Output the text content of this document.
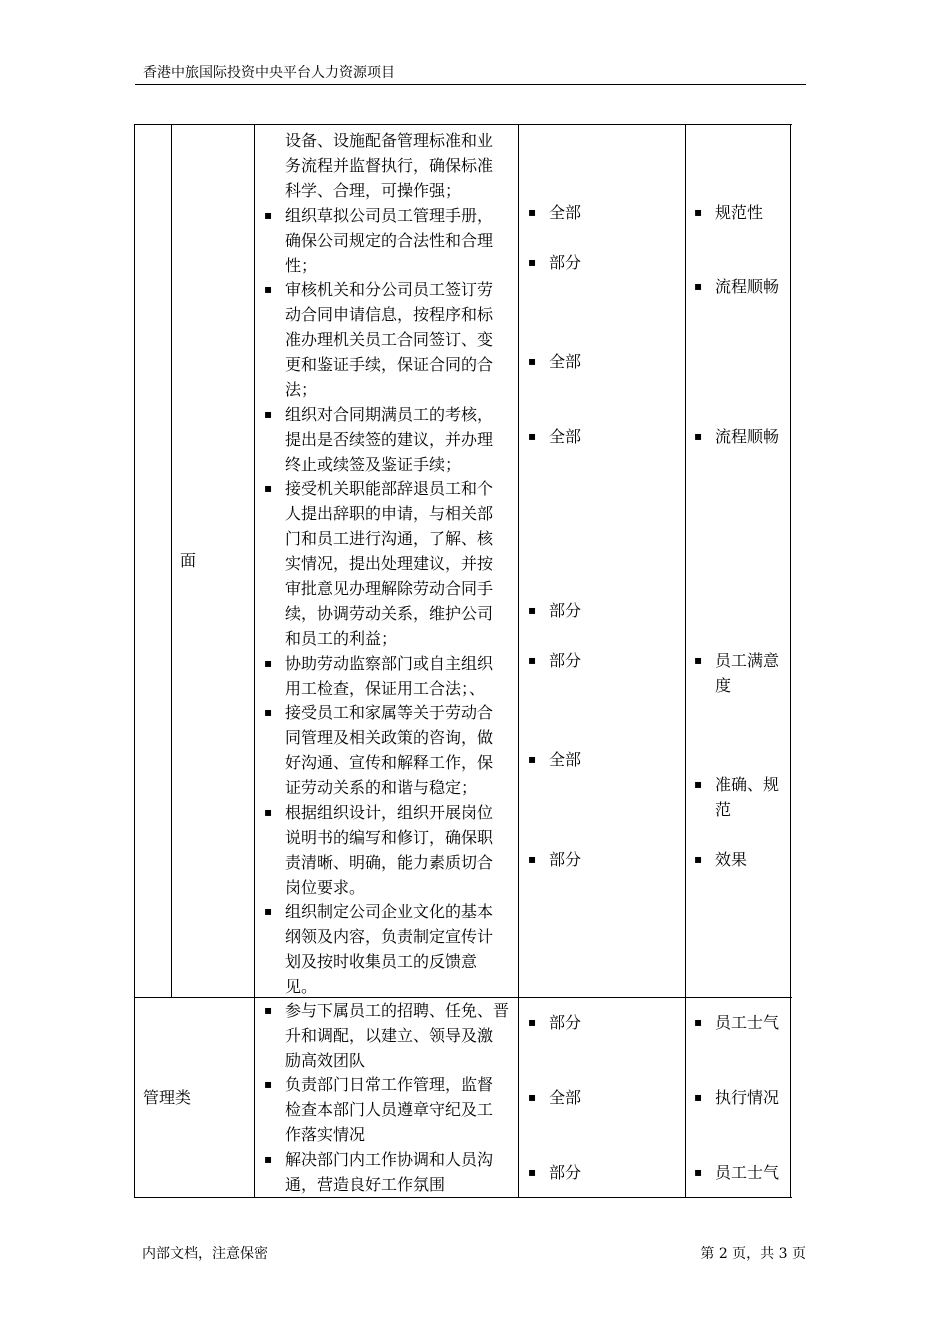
香港中旅国际投资中央平台人力资源项目
面
设备、设施配备管理标准和业
务流程并监督执行，确保标准
科学、合理，可操作强；
▪ 组织草拟公司员工管理手册，
确保公司规定的合法性和合理
性；
▪ 审核机关和分公司员工签订劳
动合同申请信息，按程序和标
准办理机关员工合同签订、变
更和鉴证手续，保证合同的合
法；
▪ 组织对合同期满员工的考核，
提出是否续签的建议，并办理
终止或续签及鉴证手续；
▪ 接受机关职能部辞退员工和个
人提出辞职的申请，与相关部
门和员工进行沟通，了解、核
实情况，提出处理建议，并按
审批意见办理解除劳动合同手
续，协调劳动关系，维护公司
和员工的利益；
▪ 协助劳动监察部门或自主组织
用工检查，保证用工合法；、
▪ 接受员工和家属等关于劳动合
同管理及相关政策的咨询，做
好沟通、宣传和解释工作，保
证劳动关系的和谐与稳定；
▪ 根据组织设计，组织开展岗位
说明书的编写和修订，确保职
责清晰、明确，能力素质切合
岗位要求。
▪ 组织制定公司企业文化的基本
纲领及内容，负责制定宣传计
划及按时收集员工的反馈意
见。
▪ 全部
▪ 部分
▪ 全部
▪ 全部
▪ 部分
▪ 部分
▪ 全部
▪ 部分
▪ 规范性
▪ 流程顺畅
▪ 流程顺畅
▪ 员工满意
度
▪ 准确、规
范
▪ 效果
管理类
▪ 参与下属员工的招聘、任免、晋
升和调配，以建立、领导及激
励高效团队
▪ 负责部门日常工作管理，监督
检查本部门人员遵章守纪及工
作落实情况
▪ 解决部门内工作协调和人员沟
通，营造良好工作氛围
▪ 部分
▪ 全部
▪ 部分
▪ 员工士气
▪ 执行情况
▪ 员工士气
内部文档，注意保密	第 2 页，共 3 页
